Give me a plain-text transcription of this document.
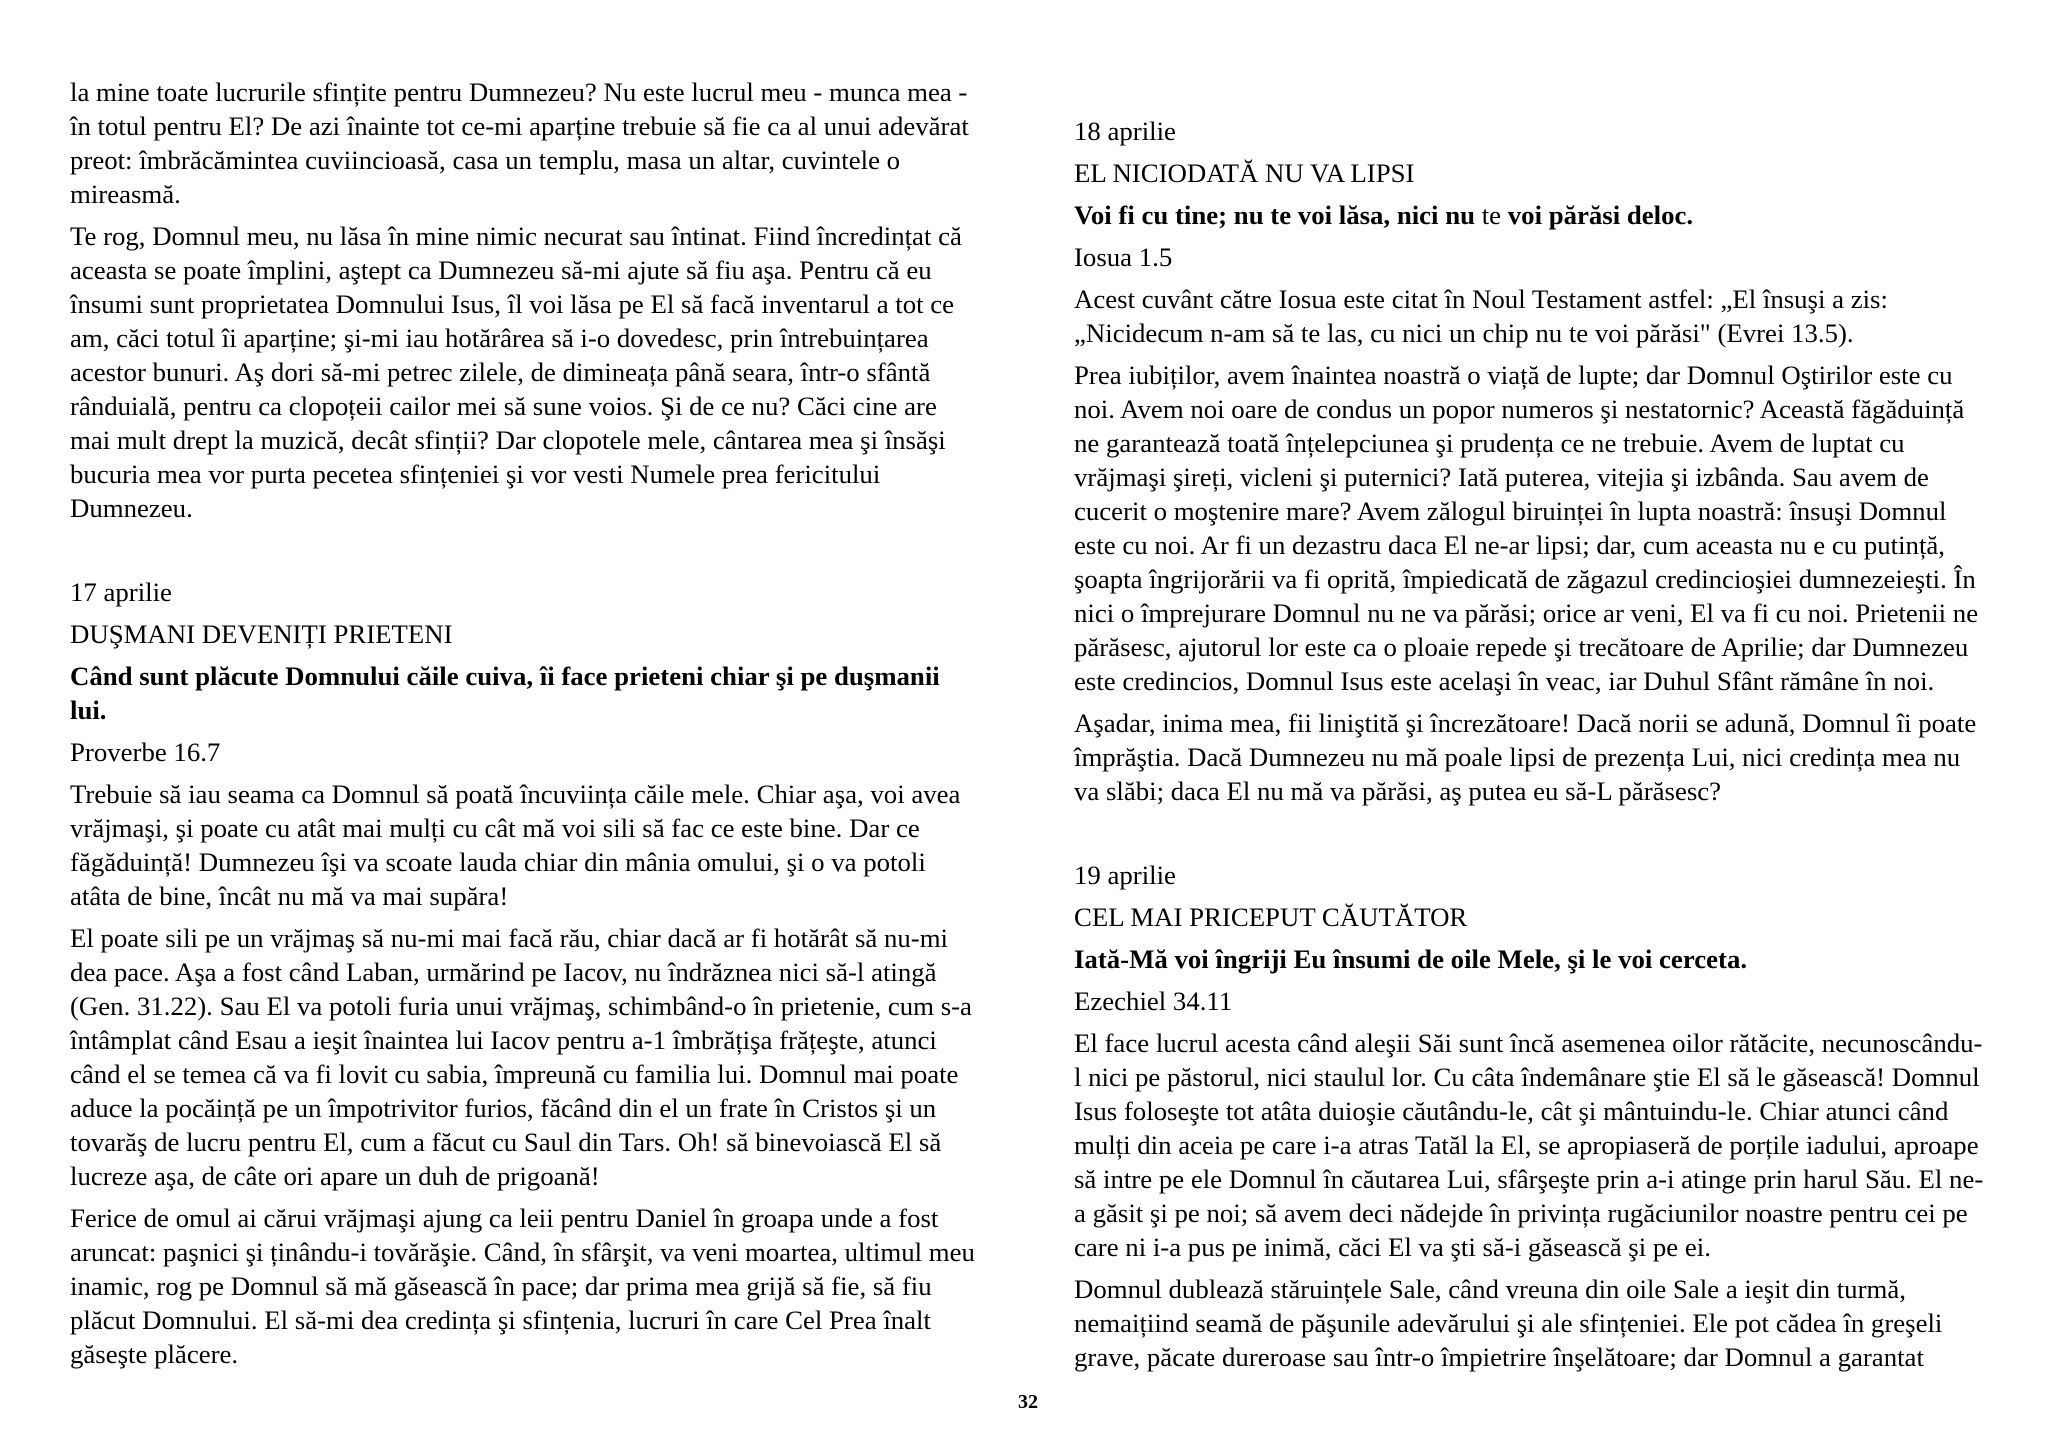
la mine toate lucrurile sfințite pentru Dumnezeu? Nu este lucrul meu - munca mea -
în totul pentru El? De azi înainte tot ce-mi aparține trebuie să fie ca al unui adevărat
preot: îmbrăcămintea cuviincioasă, casa un templu, masa un altar, cuvintele o
mireasmă.
Te rog, Domnul meu, nu lăsa în mine nimic necurat sau întinat. Fiind încredințat că
aceasta se poate împlini, aştept ca Dumnezeu să-mi ajute să fiu aşa. Pentru că eu
însumi sunt proprietatea Domnului Isus, îl voi lăsa pe El să facă inventarul a tot ce
am, căci totul îi aparține; şi-mi iau hotărârea să i-o dovedesc, prin întrebuințarea
acestor bunuri. Aş dori să-mi petrec zilele, de dimineața până seara, într-o sfântă
rânduială, pentru ca clopoțeii cailor mei să sune voios. Şi de ce nu? Căci cine are
mai mult drept la muzică, decât sfinții? Dar clopotele mele, cântarea mea şi însăşi
bucuria mea vor purta pecetea sfințeniei şi vor vesti Numele prea fericitului
Dumnezeu.
17 aprilie
DUŞMANI DEVENIȚI PRIETENI
Când sunt plăcute Domnului căile cuiva, îi face prieteni chiar şi pe duşmanii
lui.
Proverbe 16.7
Trebuie să iau seama ca Domnul să poată încuviința căile mele. Chiar aşa, voi avea
vrăjmaşi, şi poate cu atât mai mulți cu cât mă voi sili să fac ce este bine. Dar ce
făgăduință! Dumnezeu îşi va scoate lauda chiar din mânia omului, şi o va potoli
atâta de bine, încât nu mă va mai supăra!
El poate sili pe un vrăjmaş să nu-mi mai facă rău, chiar dacă ar fi hotărât să nu-mi
dea pace. Aşa a fost când Laban, urmărind pe Iacov, nu îndrăznea nici să-l atingă
(Gen. 31.22). Sau El va potoli furia unui vrăjmaş, schimbând-o în prietenie, cum s-a
întâmplat când Esau a ieşit înaintea lui Iacov pentru a-1 îmbrățişa frățeşte, atunci
când el se temea că va fi lovit cu sabia, împreună cu familia lui. Domnul mai poate
aduce la pocăință pe un împotrivitor furios, făcând din el un frate în Cristos şi un
tovarăş de lucru pentru El, cum a făcut cu Saul din Tars. Oh! să binevoiască El să
lucreze aşa, de câte ori apare un duh de prigoană!
Ferice de omul ai cărui vrăjmaşi ajung ca leii pentru Daniel în groapa unde a fost
aruncat: paşnici şi ținându-i tovărăşie. Când, în sfârşit, va veni moartea, ultimul meu
inamic, rog pe Domnul să mă găsească în pace; dar prima mea grijă să fie, să fiu
plăcut Domnului. El să-mi dea credința şi sfințenia, lucruri în care Cel Prea înalt
găseşte plăcere.
18 aprilie
EL NICIODATĂ NU VA LIPSI
Voi fi cu tine; nu te voi lăsa, nici nu te voi părăsi deloc.
Iosua 1.5
Acest cuvânt către Iosua este citat în Noul Testament astfel: „El însuşi a zis:
„Nicidecum n-am să te las, cu nici un chip nu te voi părăsi" (Evrei 13.5).
Prea iubiților, avem înaintea noastră o viață de lupte; dar Domnul Oştirilor este cu
noi. Avem noi oare de condus un popor numeros şi nestatornic? Această făgăduință
ne garantează toată înțelepciunea şi prudența ce ne trebuie. Avem de luptat cu
vrăjmaşi şireți, vicleni şi puternici? Iată puterea, vitejia şi izbânda. Sau avem de
cucerit o moştenire mare? Avem zălogul biruinței în lupta noastră: însuşi Domnul
este cu noi. Ar fi un dezastru daca El ne-ar lipsi; dar, cum aceasta nu e cu putință,
şoapta îngrijorării va fi oprită, împiedicată de zăgazul credincioşiei dumnezeieşti. În
nici o împrejurare Domnul nu ne va părăsi; orice ar veni, El va fi cu noi. Prietenii ne
părăsesc, ajutorul lor este ca o ploaie repede şi trecătoare de Aprilie; dar Dumnezeu
este credincios, Domnul Isus este acelaşi în veac, iar Duhul Sfânt rămâne în noi.
Aşadar, inima mea, fii liniştită şi încrezătoare! Dacă norii se adună, Domnul îi poate
împrăştia. Dacă Dumnezeu nu mă poale lipsi de prezența Lui, nici credința mea nu
va slăbi; daca El nu mă va părăsi, aş putea eu să-L părăsesc?
19 aprilie
CEL MAI PRICEPUT CĂUTĂTOR
Iată-Mă voi îngriji Eu însumi de oile Mele, şi le voi cerceta.
Ezechiel 34.11
El face lucrul acesta când aleşii Săi sunt încă asemenea oilor rătăcite, necunoscându-
l nici pe păstorul, nici staulul lor. Cu câta îndemânare ştie El să le găsească! Domnul
Isus foloseşte tot atâta duioşie căutându-le, cât şi mântuindu-le. Chiar atunci când
mulți din aceia pe care i-a atras Tatăl la El, se apropiaseră de porțile iadului, aproape
să intre pe ele Domnul în căutarea Lui, sfârşeşte prin a-i atinge prin harul Său. El ne-
a găsit şi pe noi; să avem deci nădejde în privința rugăciunilor noastre pentru cei pe
care ni i-a pus pe inimă, căci El va şti să-i găsească şi pe ei.
Domnul dublează stăruințele Sale, când vreuna din oile Sale a ieşit din turmă,
nemaițiind seamă de păşunile adevărului şi ale sfințeniei. Ele pot cădea în greşeli
grave, păcate dureroase sau într-o împietrire înşelătoare; dar Domnul a garantat
32
